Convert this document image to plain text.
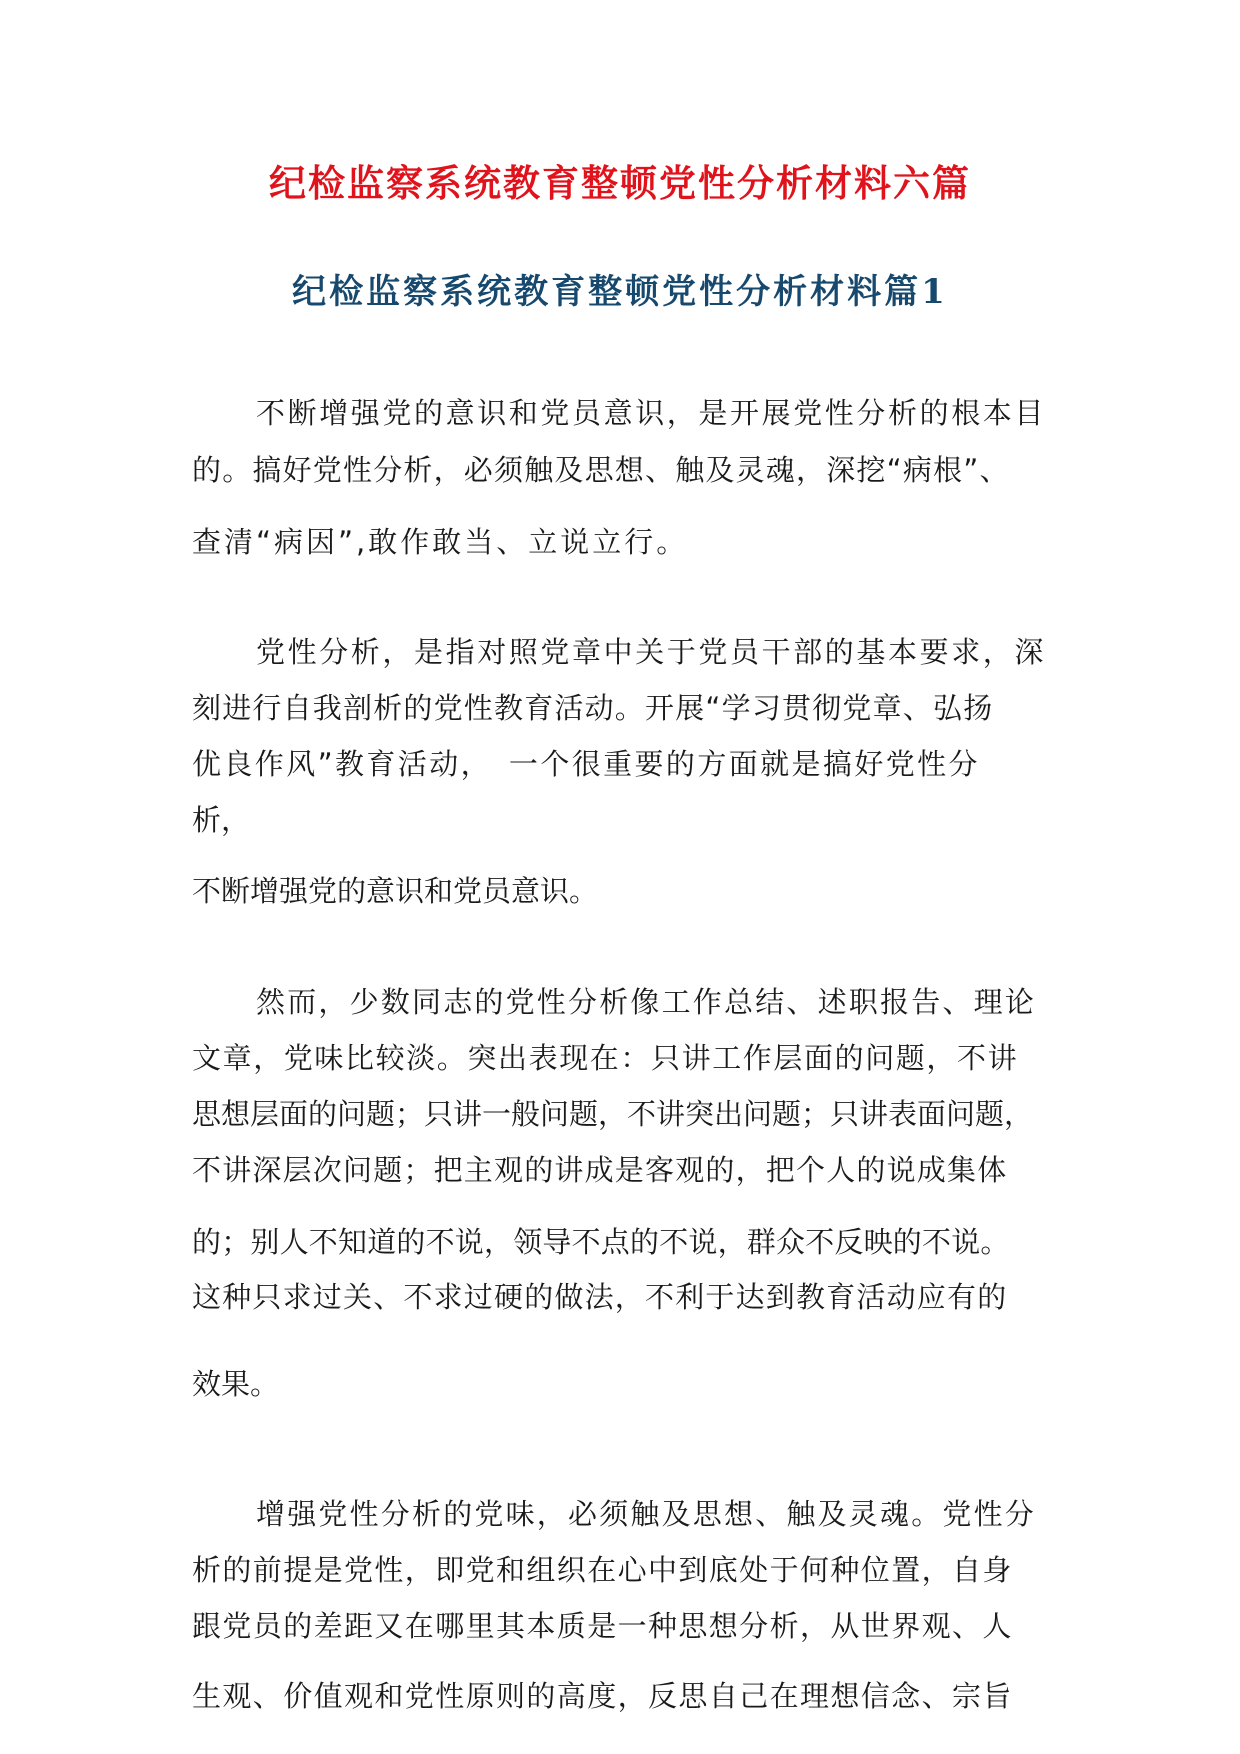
纪检监察系统教育整顿党性分析材料六篇
纪检监察系统教育整顿党性分析材料篇1

不断增强党的意识和党员意识，是开展党性分析的根本目

的。搞好党性分析，必须触及思想、触及灵魂，深挖“病根”、

查清“病因”,敢作敢当、立说立行。

党性分析，是指对照党章中关于党员干部的基本要求，深

刻进行自我剖析的党性教育活动。开展“学习贯彻党章、弘扬

优良作风”教育活动，　一个很重要的方面就是搞好党性分

析，

不断增强党的意识和党员意识。

然而，少数同志的党性分析像工作总结、述职报告、理论

文章，党味比较淡。突出表现在：只讲工作层面的问题，不讲

思想层面的问题；只讲一般问题，不讲突出问题；只讲表面问题，

不讲深层次问题；把主观的讲成是客观的，把个人的说成集体

的；别人不知道的不说，领导不点的不说，群众不反映的不说。

这种只求过关、不求过硬的做法，不利于达到教育活动应有的

效果。

增强党性分析的党味，必须触及思想、触及灵魂。党性分

析的前提是党性，即党和组织在心中到底处于何种位置，自身

跟党员的差距又在哪里其本质是一种思想分析，从世界观、人

生观、价值观和党性原则的高度，反思自己在理想信念、宗旨
